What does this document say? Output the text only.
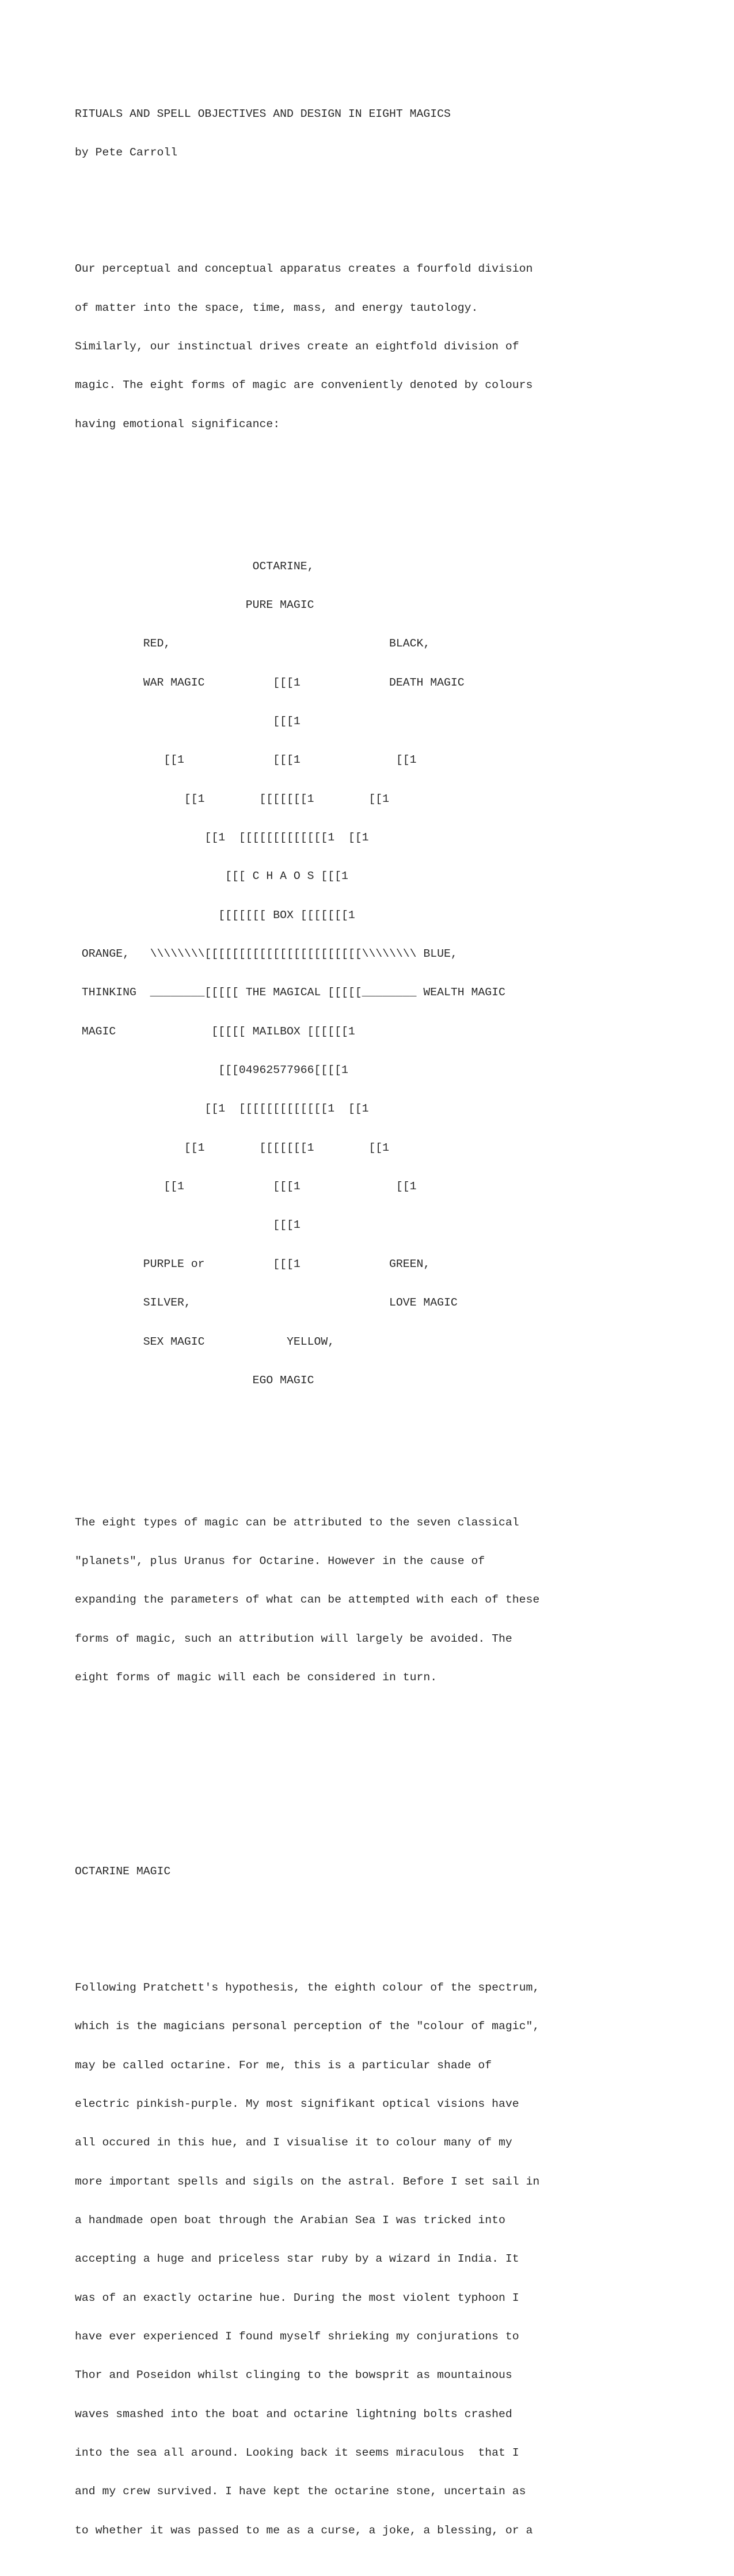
RITUALS AND SPELL OBJECTIVES AND DESIGN IN EIGHT MAGICS

by Pete Carroll

Our perceptual and conceptual apparatus creates a fourfold division

of matter into the space, time, mass, and energy tautology.

Similarly, our instinctual drives create an eightfold division of

magic. The eight forms of magic are conveniently denoted by colours

having emotional significance:

OCTARINE,

PURE MAGIC

RED,                                BLACK,

WAR MAGIC          [[[1             DEATH MAGIC

[[[1

[[1             [[[1              [[1

[[1        [[[[[[[1        [[1

[[1  [[[[[[[[[[[[[1  [[1

[[[ C H A O S [[[1

[[[[[[[ BOX [[[[[[[1

ORANGE,   \\\\\\\\[[[[[[[[[[[[[[[[[[[[[[[\\\\\\\\ BLUE,

THINKING  ________[[[[[ THE MAGICAL [[[[[________ WEALTH MAGIC

MAGIC              [[[[[ MAILBOX [[[[[[1

[[[04962577966[[[[1

[[1  [[[[[[[[[[[[[1  [[1

[[1        [[[[[[[1        [[1

[[1             [[[1              [[1

[[[1

PURPLE or          [[[1             GREEN,

SILVER,                             LOVE MAGIC

SEX MAGIC            YELLOW,

EGO MAGIC

The eight types of magic can be attributed to the seven classical

"planets", plus Uranus for Octarine. However in the cause of

expanding the parameters of what can be attempted with each of these

forms of magic, such an attribution will largely be avoided. The

eight forms of magic will each be considered in turn.

OCTARINE MAGIC

Following Pratchett's hypothesis, the eighth colour of the spectrum,

which is the magicians personal perception of the "colour of magic",

may be called octarine. For me, this is a particular shade of

electric pinkish-purple. My most signifikant optical visions have

all occured in this hue, and I visualise it to colour many of my

more important spells and sigils on the astral. Before I set sail in

a handmade open boat through the Arabian Sea I was tricked into

accepting a huge and priceless star ruby by a wizard in India. It

was of an exactly octarine hue. During the most violent typhoon I

have ever experienced I found myself shrieking my conjurations to

Thor and Poseidon whilst clinging to the bowsprit as mountainous

waves smashed into the boat and octarine lightning bolts crashed

into the sea all around. Looking back it seems miraculous  that I

and my crew survived. I have kept the octarine stone, uncertain as

to whether it was passed to me as a curse, a joke, a blessing, or a
